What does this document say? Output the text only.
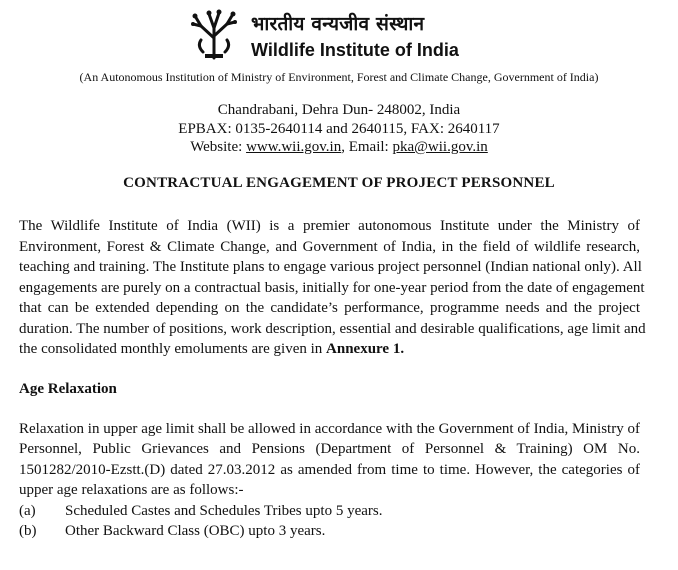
भारतीय वन्यजीव संस्थान
Wildlife Institute of India
(An Autonomous Institution of Ministry of Environment, Forest and Climate Change, Government of India)
Chandrabani, Dehra Dun- 248002, India
EPBAX: 0135-2640114 and 2640115, FAX: 2640117
Website: www.wii.gov.in, Email: pka@wii.gov.in
CONTRACTUAL ENGAGEMENT OF PROJECT PERSONNEL
The Wildlife Institute of India (WII) is a premier autonomous Institute under the Ministry of
Environment, Forest & Climate Change, and Government of India, in the field of wildlife research,
teaching and training. The Institute plans to engage various project personnel (Indian national only). All
engagements are purely on a contractual basis, initially for one-year period from the date of engagement
that can be extended depending on the candidate’s performance, programme needs and the project
duration. The number of positions, work description, essential and desirable qualifications, age limit and
the consolidated monthly emoluments are given in Annexure 1.
Age Relaxation
Relaxation in upper age limit shall be allowed in accordance with the Government of India, Ministry of
Personnel, Public Grievances and Pensions (Department of Personnel & Training) OM No.
1501282/2010-Ezstt.(D) dated 27.03.2012 as amended from time to time. However, the categories of
upper age relaxations are as follows:-
(a) Scheduled Castes and Schedules Tribes upto 5 years.
(b) Other Backward Class (OBC) upto 3 years.
